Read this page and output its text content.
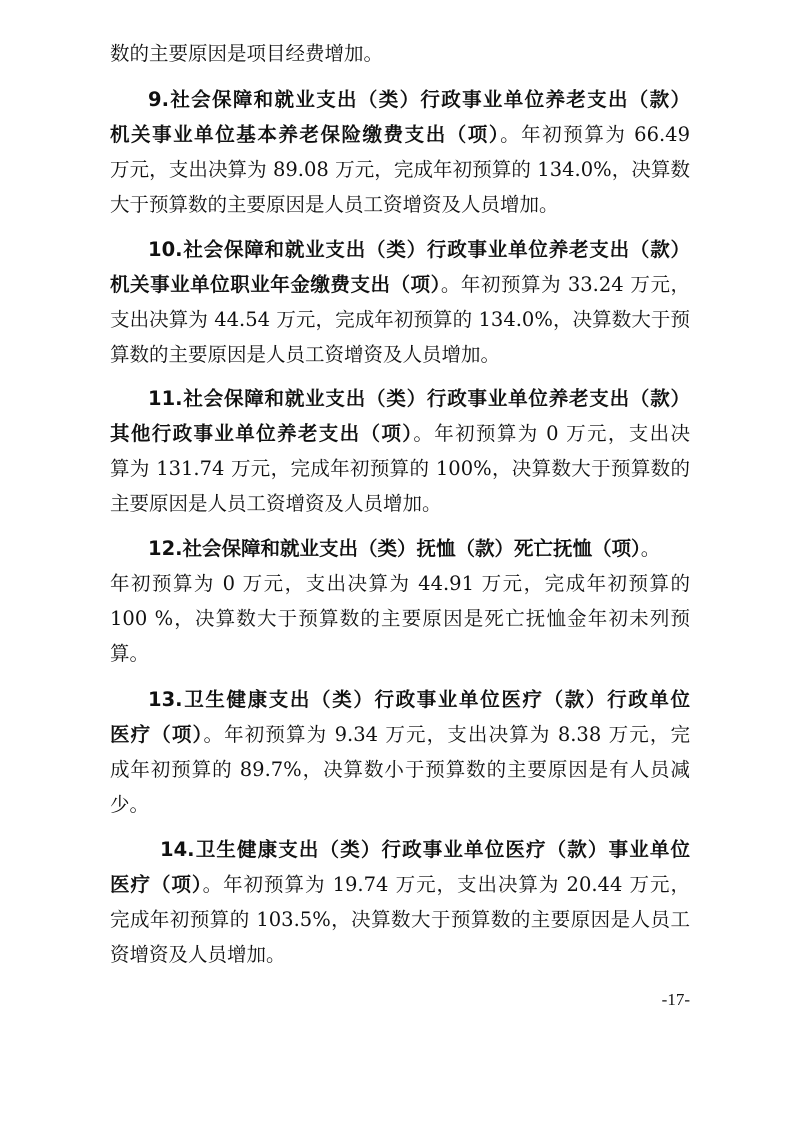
数的主要原因是项目经费增加。
9.社会保障和就业支出（类）行政事业单位养老支出（款）
机关事业单位基本养老保险缴费支出（项）。年初预算为 66.49
万元，支出决算为 89.08 万元，完成年初预算的 134.0%，决算数
大于预算数的主要原因是人员工资增资及人员增加。
10.社会保障和就业支出（类）行政事业单位养老支出（款）
机关事业单位职业年金缴费支出（项）。年初预算为 33.24 万元，
支出决算为 44.54 万元，完成年初预算的 134.0%，决算数大于预
算数的主要原因是人员工资增资及人员增加。
11.社会保障和就业支出（类）行政事业单位养老支出（款）
其他行政事业单位养老支出（项）。年初预算为 0 万元，支出决
算为 131.74 万元，完成年初预算的 100%，决算数大于预算数的
主要原因是人员工资增资及人员增加。
12.社会保障和就业支出（类）抚恤（款）死亡抚恤（项）。
年初预算为 0 万元，支出决算为 44.91 万元，完成年初预算的
100 %，决算数大于预算数的主要原因是死亡抚恤金年初未列预
算。
13.卫生健康支出（类）行政事业单位医疗（款）行政单位
医疗（项）。年初预算为 9.34 万元，支出决算为 8.38 万元，完
成年初预算的 89.7%，决算数小于预算数的主要原因是有人员减
少。
14.卫生健康支出（类）行政事业单位医疗（款）事业单位
医疗（项）。年初预算为 19.74 万元，支出决算为 20.44 万元，
完成年初预算的 103.5%，决算数大于预算数的主要原因是人员工
资增资及人员增加。
-17-
